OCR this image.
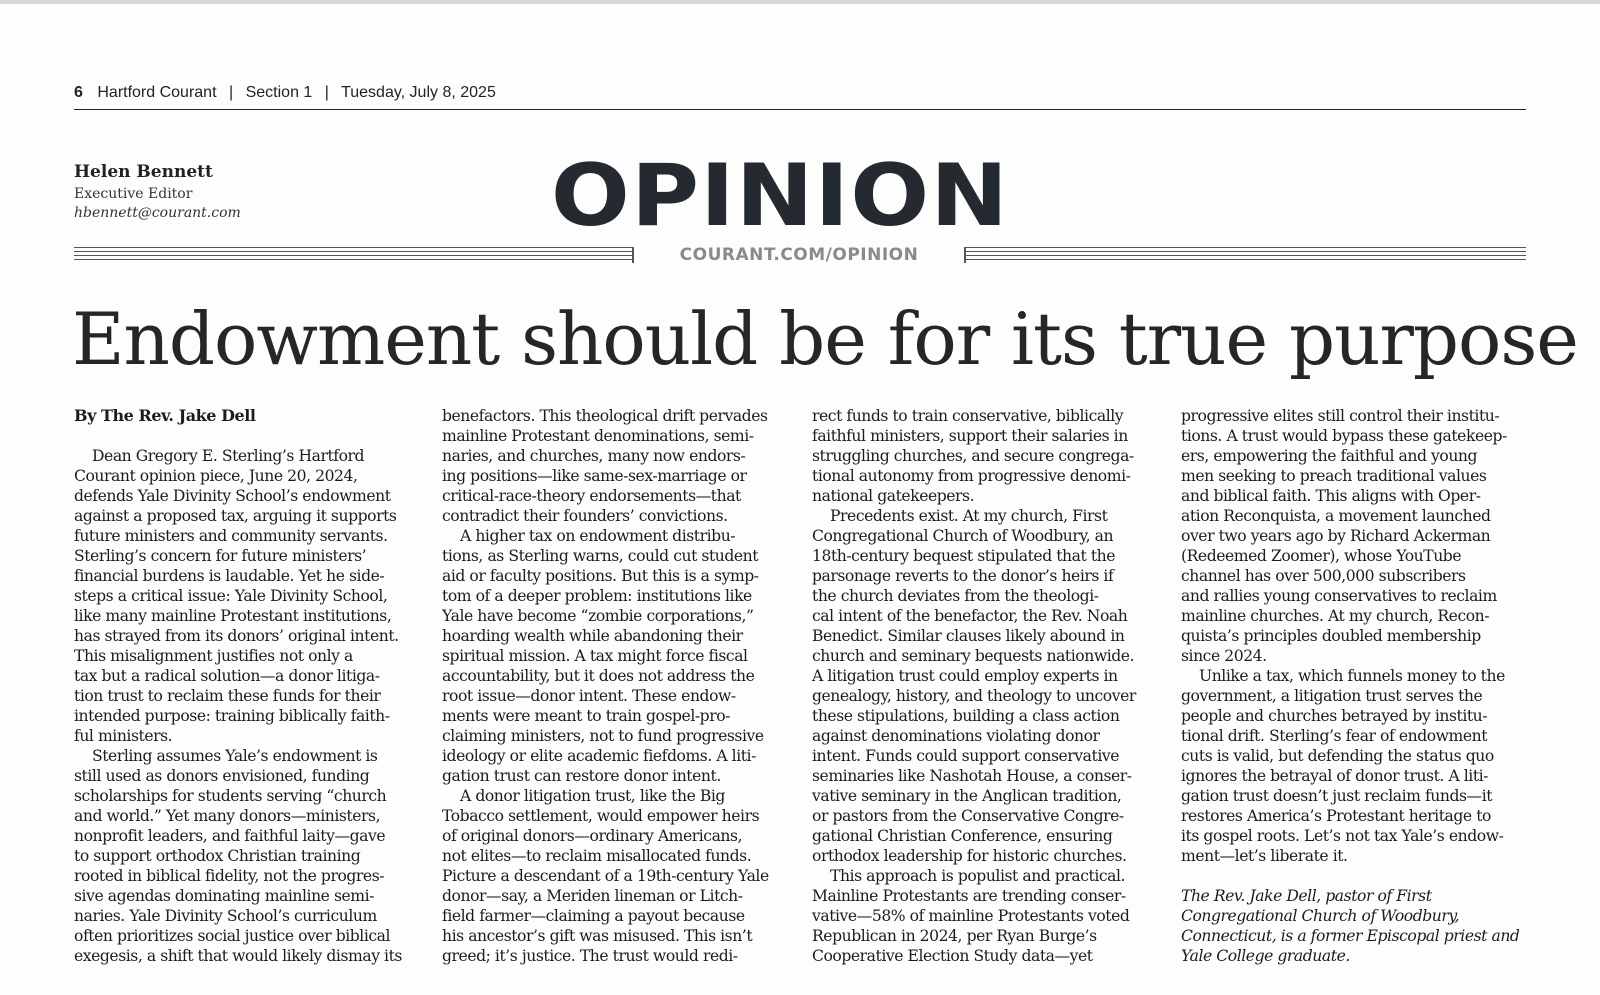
6 Hartford Courant | Section 1 | Tuesday, July 8, 2025
Helen Bennett
Executive Editor
hbennett@courant.com	OPINION
COURANT.COM/OPINION
Endowment should be for its true purpose
By The Rev. Jake Dell
Dean Gregory E. Sterling’s Hartford
Courant opinion piece, June 20, 2024,
defends Yale Divinity School’s endowment
against a proposed tax, arguing it supports
future ministers and community servants.
Sterling’s concern for future ministers’
financial burdens is laudable. Yet he side-
steps a critical issue: Yale Divinity School,
like many mainline Protestant institutions,
has strayed from its donors’ original intent.
This misalignment justifies not only a
tax but a radical solution—a donor litiga-
tion trust to reclaim these funds for their
intended purpose: training biblically faith-
ful ministers.
Sterling assumes Yale’s endowment is
still used as donors envisioned, funding
scholarships for students serving “church
and world.” Yet many donors—ministers,
nonprofit leaders, and faithful laity—gave
to support orthodox Christian training
rooted in biblical fidelity, not the progres-
sive agendas dominating mainline semi-
naries. Yale Divinity School’s curriculum
often prioritizes social justice over biblical
exegesis, a shift that would likely dismay its
benefactors. This theological drift pervades
mainline Protestant denominations, semi-
naries, and churches, many now endors-
ing positions—like same-sex-marriage or
critical-race-theory endorsements—that
contradict their founders’ convictions.
A higher tax on endowment distribu-
tions, as Sterling warns, could cut student
aid or faculty positions. But this is a symp-
tom of a deeper problem: institutions like
Yale have become “zombie corporations,”
hoarding wealth while abandoning their
spiritual mission. A tax might force fiscal
accountability, but it does not address the
root issue—donor intent. These endow-
ments were meant to train gospel-pro-
claiming ministers, not to fund progressive
ideology or elite academic fiefdoms. A liti-
gation trust can restore donor intent.
A donor litigation trust, like the Big
Tobacco settlement, would empower heirs
of original donors—ordinary Americans,
not elites—to reclaim misallocated funds.
Picture a descendant of a 19th-century Yale
donor—say, a Meriden lineman or Litch-
field farmer—claiming a payout because
his ancestor’s gift was misused. This isn’t
greed; it’s justice. The trust would redi-
rect funds to train conservative, biblically
faithful ministers, support their salaries in
struggling churches, and secure congrega-
tional autonomy from progressive denomi-
national gatekeepers.
Precedents exist. At my church, First
Congregational Church of Woodbury, an
18th-century bequest stipulated that the
parsonage reverts to the donor’s heirs if
the church deviates from the theologi-
cal intent of the benefactor, the Rev. Noah
Benedict. Similar clauses likely abound in
church and seminary bequests nationwide.
A litigation trust could employ experts in
genealogy, history, and theology to uncover
these stipulations, building a class action
against denominations violating donor
intent. Funds could support conservative
seminaries like Nashotah House, a conser-
vative seminary in the Anglican tradition,
or pastors from the Conservative Congre-
gational Christian Conference, ensuring
orthodox leadership for historic churches.
This approach is populist and practical.
Mainline Protestants are trending conser-
vative—58% of mainline Protestants voted
Republican in 2024, per Ryan Burge’s
Cooperative Election Study data—yet
progressive elites still control their institu-
tions. A trust would bypass these gatekeep-
ers, empowering the faithful and young
men seeking to preach traditional values
and biblical faith. This aligns with Oper-
ation Reconquista, a movement launched
over two years ago by Richard Ackerman
(Redeemed Zoomer), whose YouTube
channel has over 500,000 subscribers
and rallies young conservatives to reclaim
mainline churches. At my church, Recon-
quista’s principles doubled membership
since 2024.
Unlike a tax, which funnels money to the
government, a litigation trust serves the
people and churches betrayed by institu-
tional drift. Sterling’s fear of endowment
cuts is valid, but defending the status quo
ignores the betrayal of donor trust. A liti-
gation trust doesn’t just reclaim funds—it
restores America’s Protestant heritage to
its gospel roots. Let’s not tax Yale’s endow-
ment—let’s liberate it.
The Rev. Jake Dell, pastor of First
Congregational Church of Woodbury,
Connecticut, is a former Episcopal priest and
Yale College graduate.
